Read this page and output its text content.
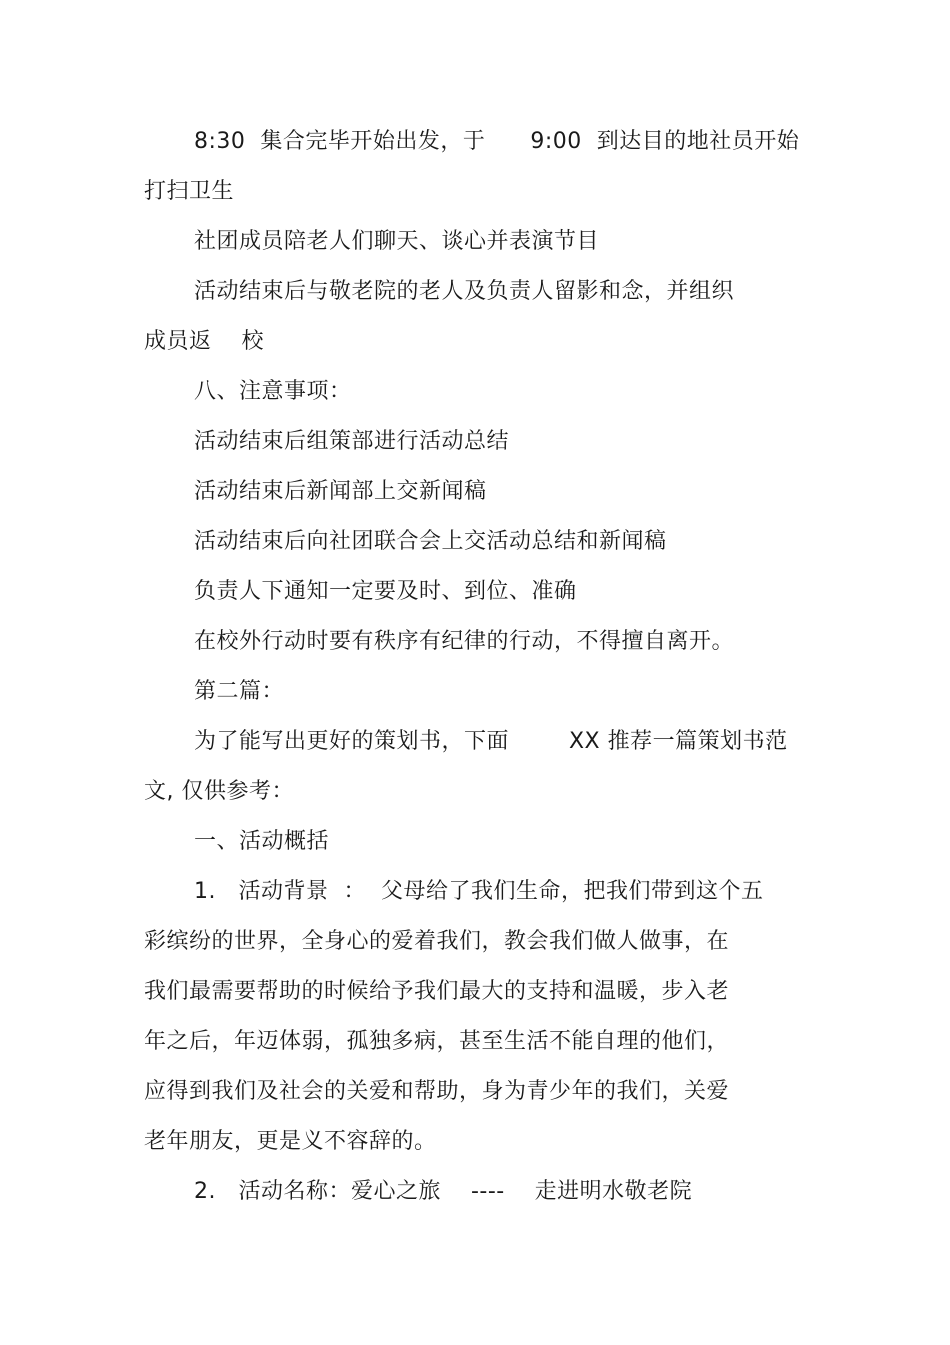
8:30  集合完毕开始出发，于      9:00  到达目的地社员开始
打扫卫生
社团成员陪老人们聊天、谈心并表演节目
活动结束后与敬老院的老人及负责人留影和念，并组织
成员返    校
八、注意事项：
活动结束后组策部进行活动总结
活动结束后新闻部上交新闻稿
活动结束后向社团联合会上交活动总结和新闻稿
负责人下通知一定要及时、到位、准确
在校外行动时要有秩序有纪律的行动，不得擅自离开。
第二篇：
为了能写出更好的策划书，下面        XX 推荐一篇策划书范
文, 仅供参考：
一、活动概括
1.   活动背景  ：  父母给了我们生命，把我们带到这个五
彩缤纷的世界，全身心的爱着我们，教会我们做人做事，在
我们最需要帮助的时候给予我们最大的支持和温暖，步入老
年之后，年迈体弱，孤独多病，甚至生活不能自理的他们，
应得到我们及社会的关爱和帮助，身为青少年的我们，关爱
老年朋友，更是义不容辞的。
2.   活动名称：爱心之旅    ----    走进明水敬老院
